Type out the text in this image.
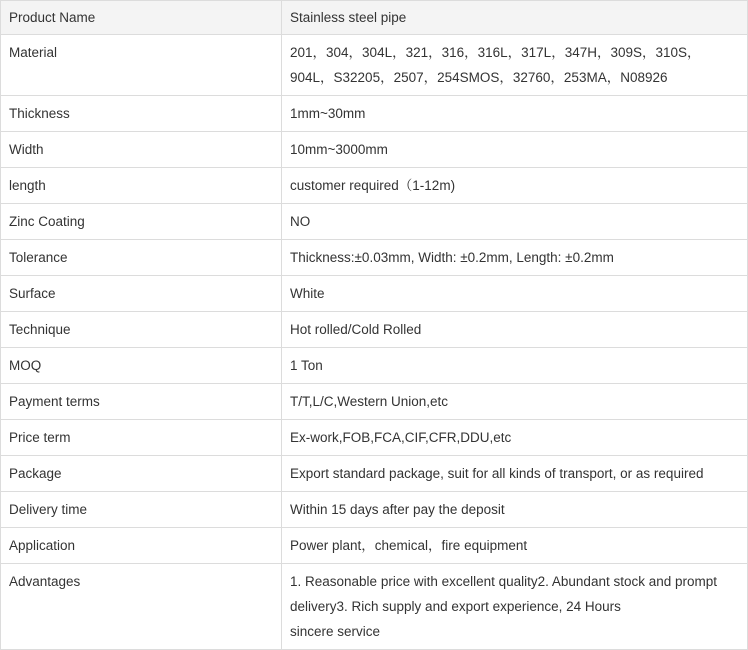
Product Name	Stainless steel pipe
Material	201，304，304L，321，316，316L，317L，347H，309S，310S，904L，S32205，2507，254SMOS，32760，253MA，N08926
Thickness	1mm~30mm
Width	10mm~3000mm
length	customer required（1-12m)
Zinc Coating	NO
Tolerance	Thickness:±0.03mm, Width: ±0.2mm, Length: ±0.2mm
Surface	White
Technique	Hot rolled/Cold Rolled
MOQ	1 Ton
Payment terms	T/T,L/C,Western Union,etc
Price term	Ex-work,FOB,FCA,CIF,CFR,DDU,etc
Package	Export standard package, suit for all kinds of transport, or as required
Delivery time	Within 15 days after pay the deposit
Application	Power plant，chemical，fire equipment
Advantages	1. Reasonable price with excellent quality2. Abundant stock and prompt delivery3. Rich supply and export experience, 24 Hours
sincere service
